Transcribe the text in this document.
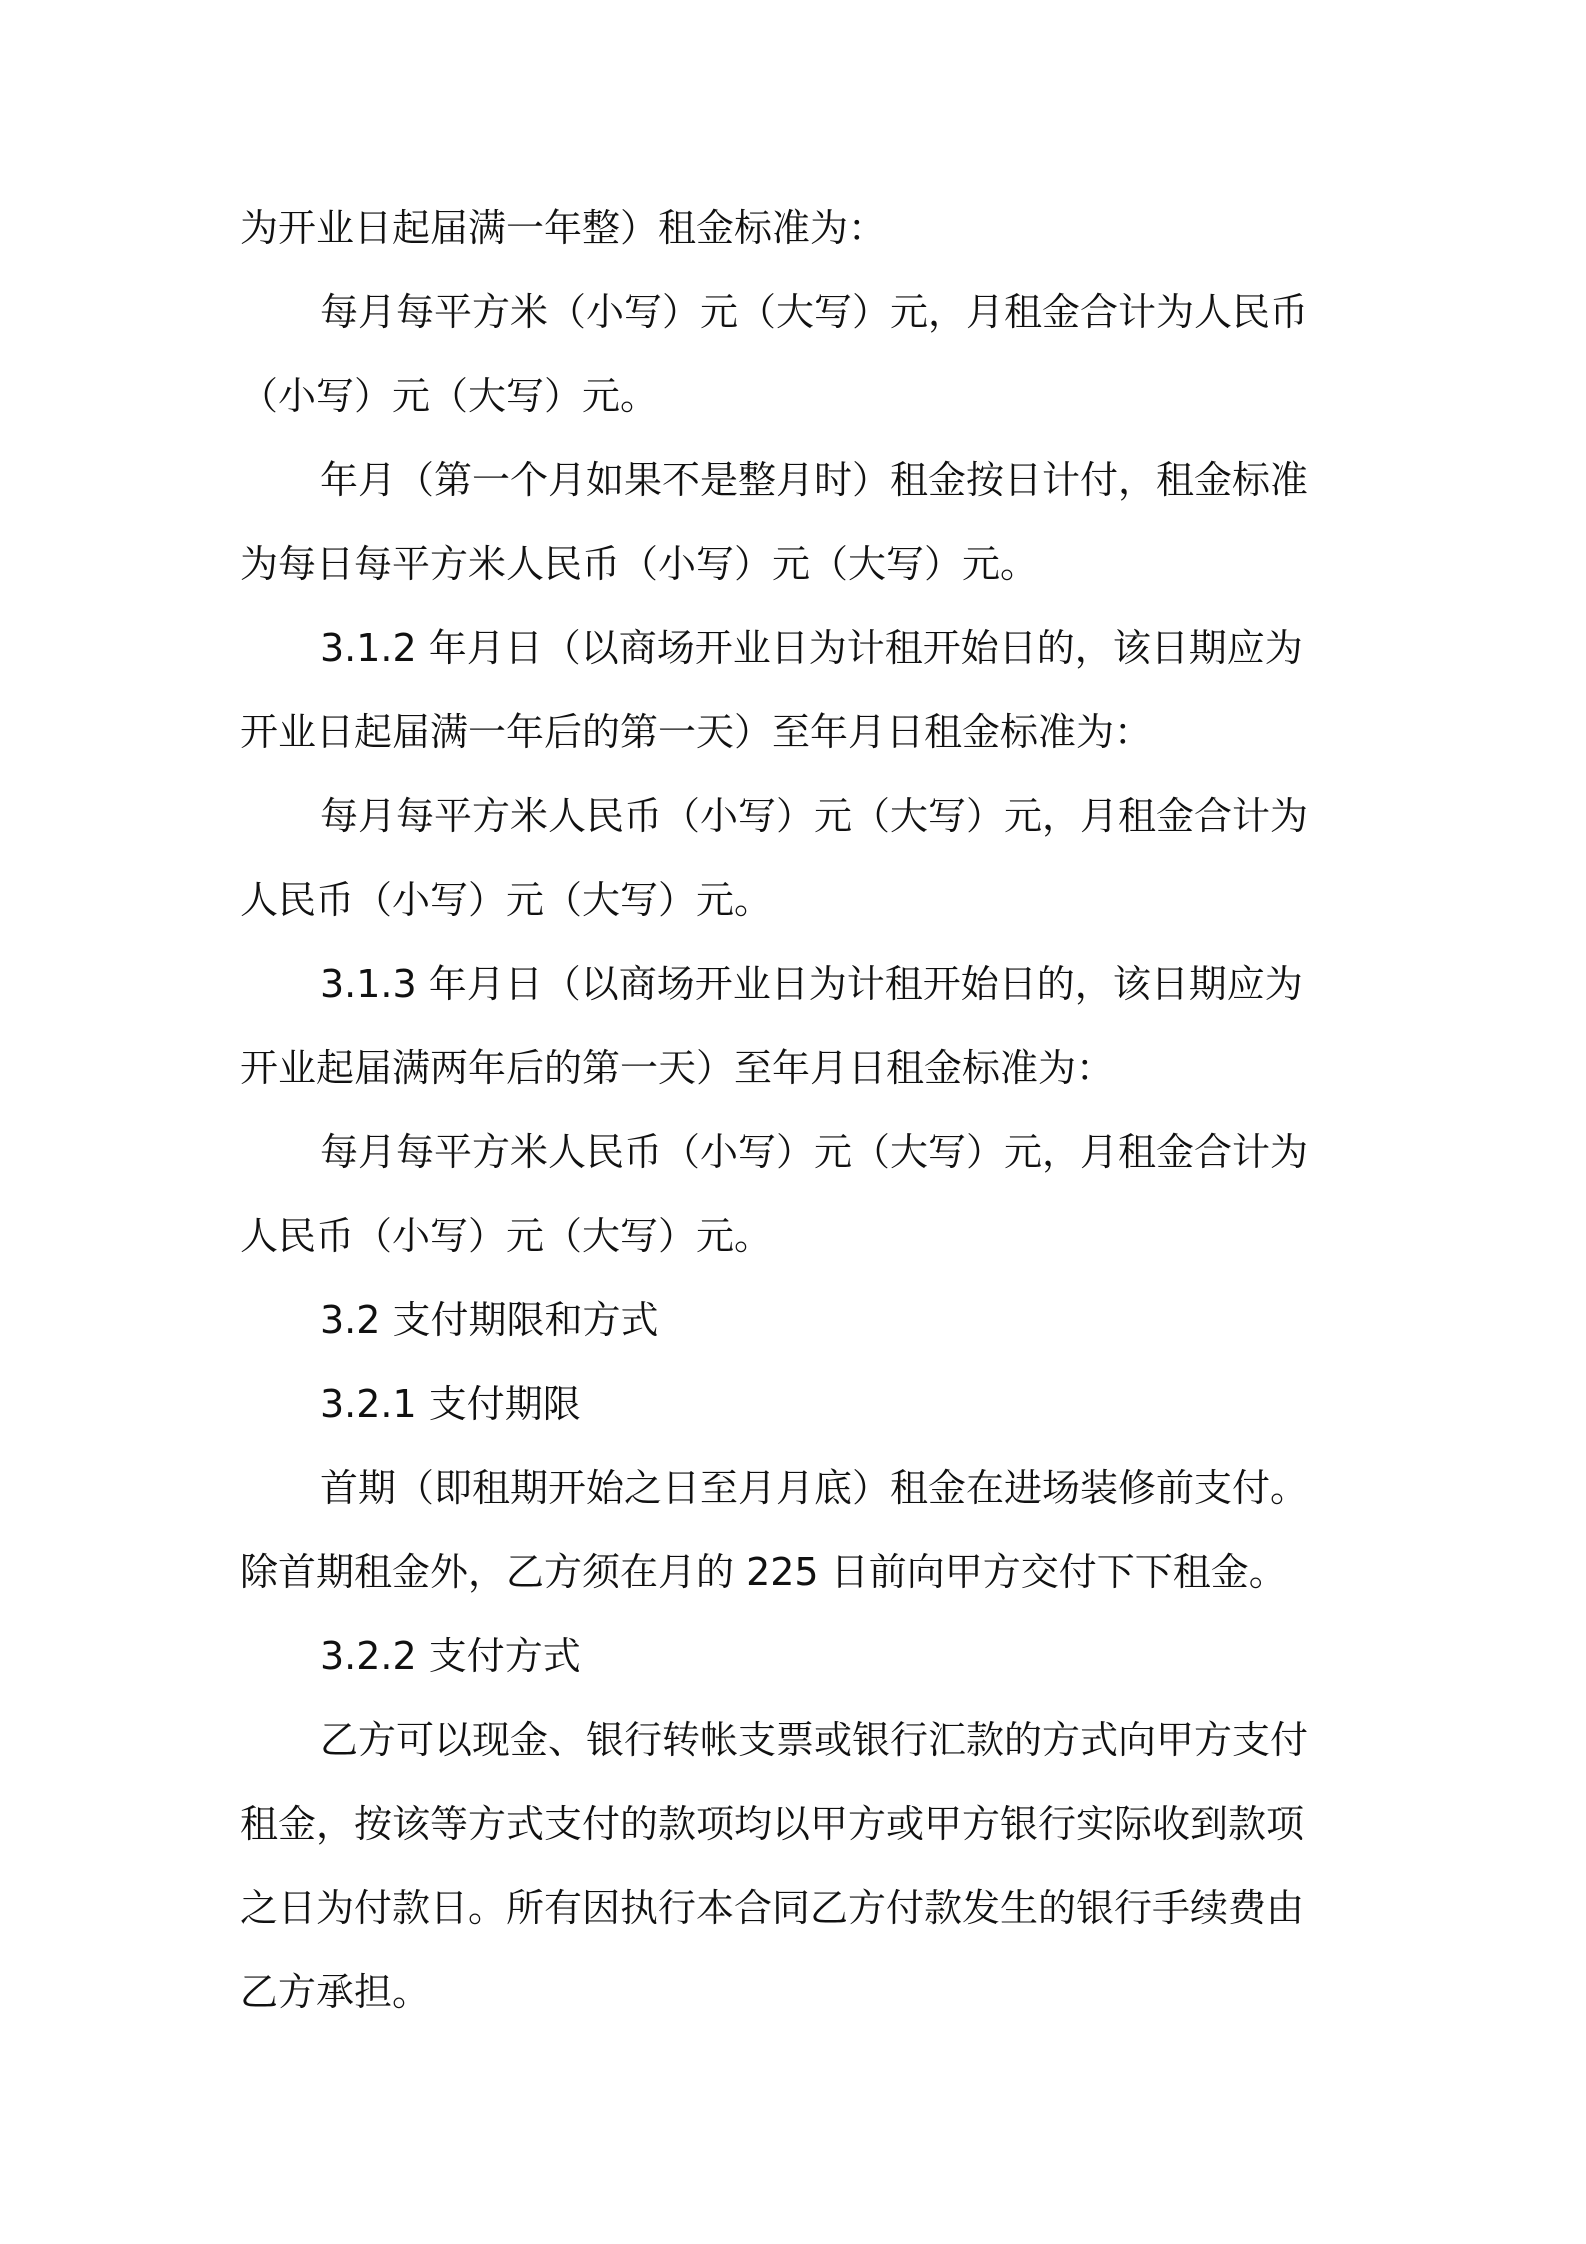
为开业日起届满一年整）租金标准为：
每月每平方米（小写）元（大写）元，月租金合计为人民币
（小写）元（大写）元。
年月（第一个月如果不是整月时）租金按日计付，租金标准
为每日每平方米人民币（小写）元（大写）元。
3.1.2 年月日（以商场开业日为计租开始日的，该日期应为
开业日起届满一年后的第一天）至年月日租金标准为：
每月每平方米人民币（小写）元（大写）元，月租金合计为
人民币（小写）元（大写）元。
3.1.3 年月日（以商场开业日为计租开始日的，该日期应为
开业起届满两年后的第一天）至年月日租金标准为：
每月每平方米人民币（小写）元（大写）元，月租金合计为
人民币（小写）元（大写）元。
3.2 支付期限和方式
3.2.1 支付期限
首期（即租期开始之日至月月底）租金在进场装修前支付。
除首期租金外，乙方须在月的 225 日前向甲方交付下下租金。
3.2.2 支付方式
乙方可以现金、银行转帐支票或银行汇款的方式向甲方支付
租金，按该等方式支付的款项均以甲方或甲方银行实际收到款项
之日为付款日。所有因执行本合同乙方付款发生的银行手续费由
乙方承担。
